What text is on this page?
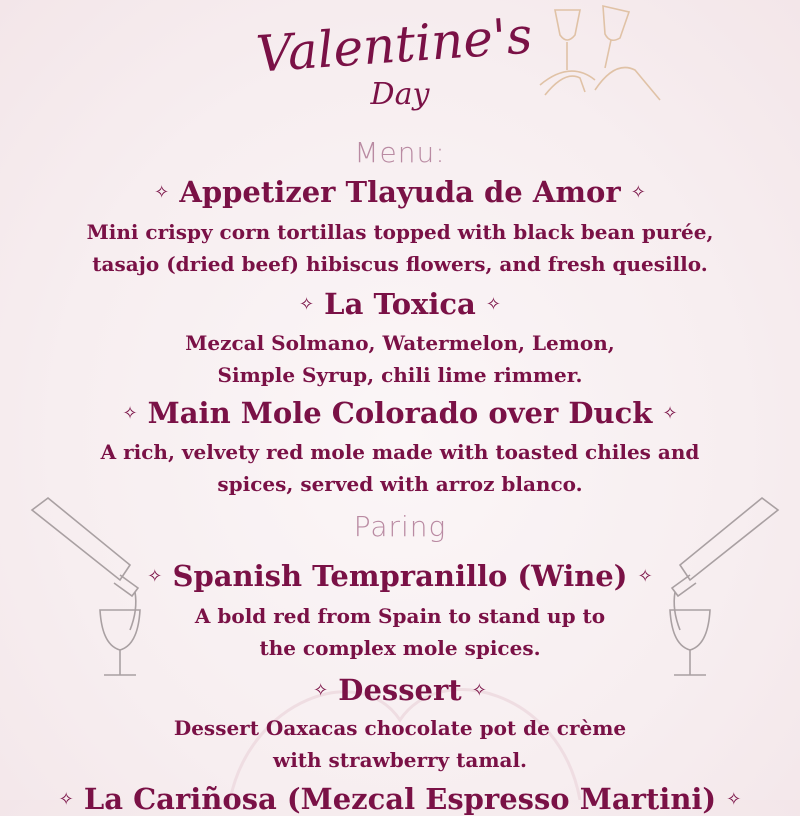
Valentine's
Day
Menu:
✧ Appetizer Tlayuda de Amor ✧
Mini crispy corn tortillas topped with black bean purée,
tasajo (dried beef) hibiscus flowers, and fresh quesillo.
✧ La Toxica ✧
Mezcal Solmano, Watermelon, Lemon,
Simple Syrup, chili lime rimmer.
✧ Main Mole Colorado over Duck ✧
A rich, velvety red mole made with toasted chiles and
spices, served with arroz blanco.
Paring
✧ Spanish Tempranillo (Wine) ✧
A bold red from Spain to stand up to
the complex mole spices.
✧ Dessert ✧
Dessert Oaxacas chocolate pot de crème
with strawberry tamal.
✧ La Cariñosa (Mezcal Espresso Martini) ✧
